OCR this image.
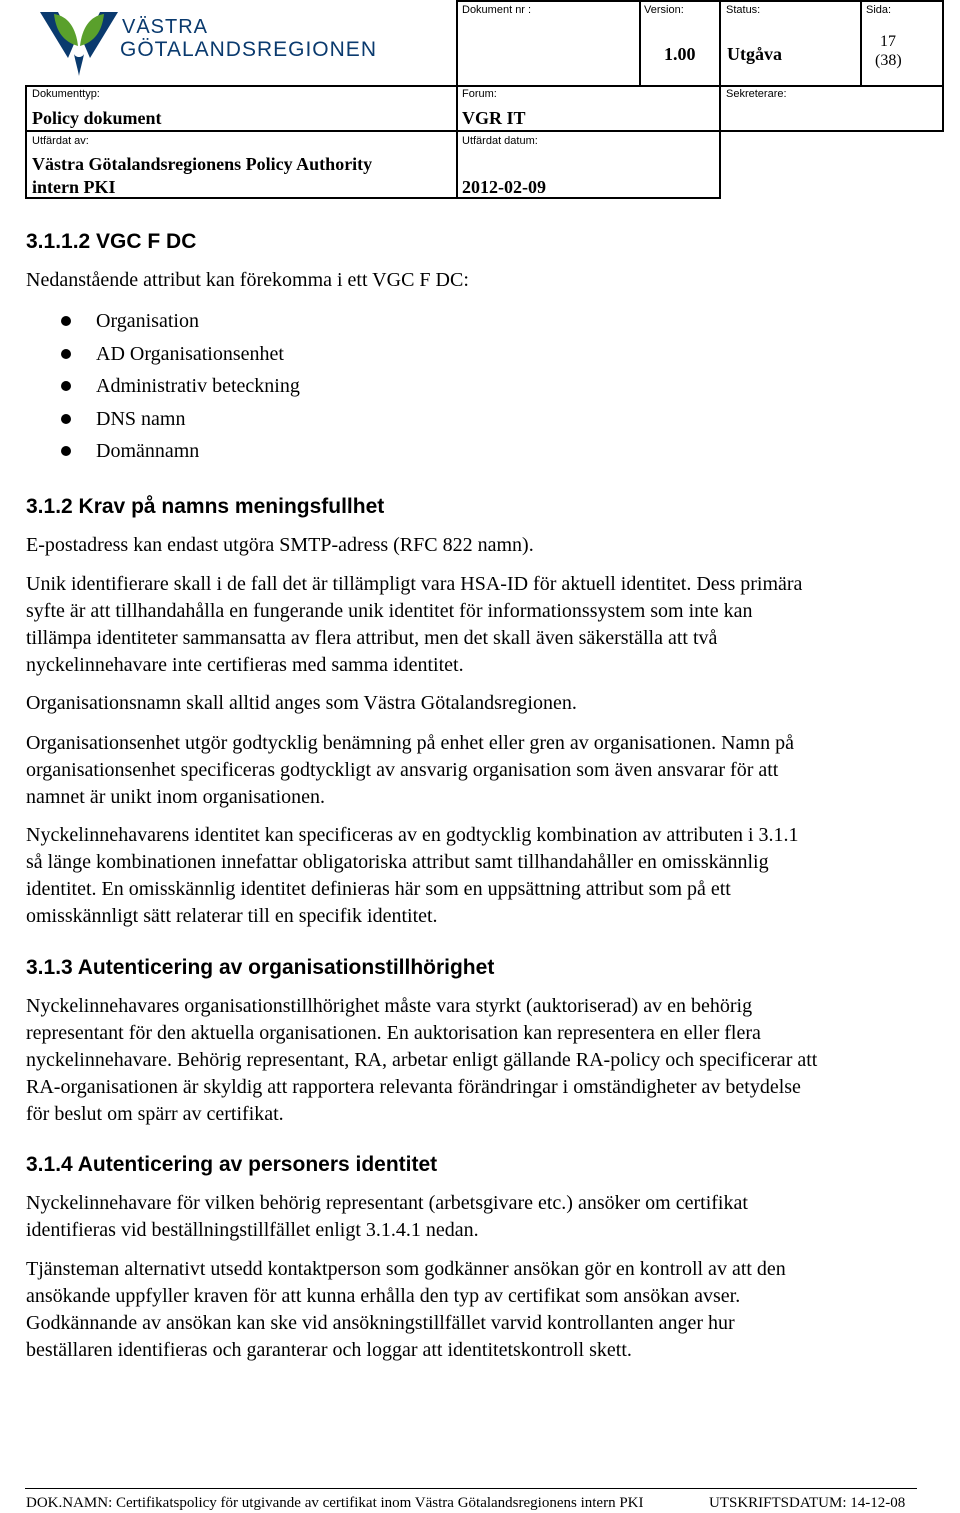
VÄSTRA
GÖTALANDSREGIONEN
Dokument nr :	Version:
1.00
Status:
Utgåva
Sida:
17
(38)
Dokumenttyp:
Policy dokument
Forum:
VGR IT
Sekreterare:
Utfärdat av:
Västra Götalandsregionens Policy Authority
intern PKI
Utfärdat datum:
2012-02-09
3.1.1.2 VGC F DC
Nedanstående attribut kan förekomma i ett VGC F DC:
Organisation
AD Organisationsenhet
Administrativ beteckning
DNS namn
Domännamn
3.1.2 Krav på namns meningsfullhet
E-postadress kan endast utgöra SMTP-adress (RFC 822 namn).
Unik identifierare skall i de fall det är tillämpligt vara HSA-ID för aktuell identitet. Dess primära
syfte är att tillhandahålla en fungerande unik identitet för informationssystem som inte kan
tillämpa identiteter sammansatta av flera attribut, men det skall även säkerställa att två
nyckelinnehavare inte certifieras med samma identitet.
Organisationsnamn skall alltid anges som Västra Götalandsregionen.
Organisationsenhet utgör godtycklig benämning på enhet eller gren av organisationen. Namn på
organisationsenhet specificeras godtyckligt av ansvarig organisation som även ansvarar för att
namnet är unikt inom organisationen.
Nyckelinnehavarens identitet kan specificeras av en godtycklig kombination av attributen i 3.1.1
så länge kombinationen innefattar obligatoriska attribut samt tillhandahåller en omisskännlig
identitet. En omisskännlig identitet definieras här som en uppsättning attribut som på ett
omisskännligt sätt relaterar till en specifik identitet.
3.1.3 Autenticering av organisationstillhörighet
Nyckelinnehavares organisationstillhörighet måste vara styrkt (auktoriserad) av en behörig
representant för den aktuella organisationen. En auktorisation kan representera en eller flera
nyckelinnehavare. Behörig representant, RA, arbetar enligt gällande RA-policy och specificerar att
RA-organisationen är skyldig att rapportera relevanta förändringar i omständigheter av betydelse
för beslut om spärr av certifikat.
3.1.4 Autenticering av personers identitet
Nyckelinnehavare för vilken behörig representant (arbetsgivare etc.) ansöker om certifikat
identifieras vid beställningstillfället enligt 3.1.4.1 nedan.
Tjänsteman alternativt utsedd kontaktperson som godkänner ansökan gör en kontroll av att den
ansökande uppfyller kraven för att kunna erhålla den typ av certifikat som ansökan avser.
Godkännande av ansökan kan ske vid ansökningstillfället varvid kontrollanten anger hur
beställaren identifieras och garanterar och loggar att identitetskontroll skett.
DOK.NAMN: Certifikatspolicy för utgivande av certifikat inom Västra Götalandsregionens intern PKI	UTSKRIFTSDATUM: 14-12-08
